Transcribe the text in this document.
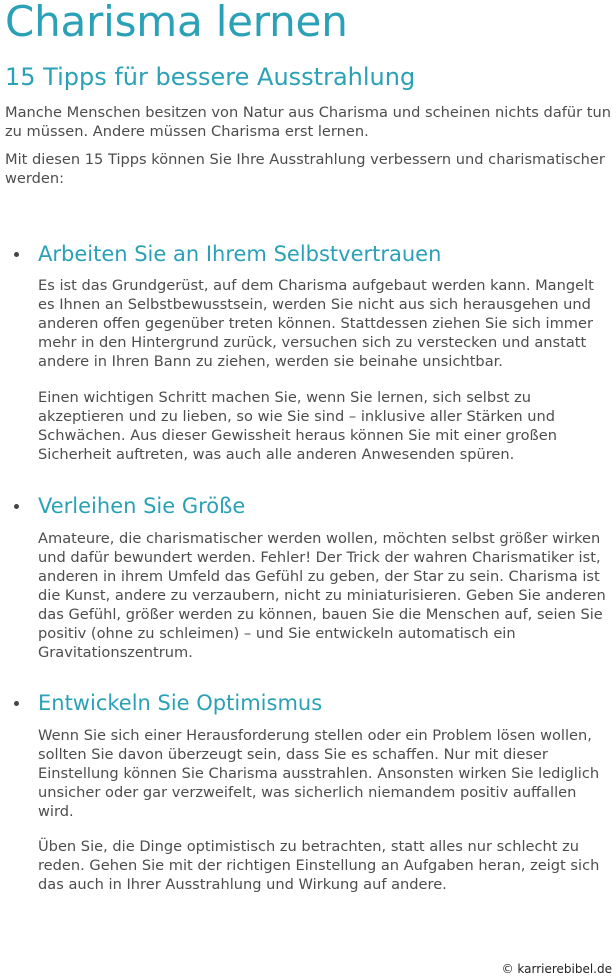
Charisma lernen
15 Tipps für bessere Ausstrahlung

Manche Menschen besitzen von Natur aus Charisma und scheinen nichts dafür tun zu müssen. Andere müssen Charisma erst lernen.

Mit diesen 15 Tipps können Sie Ihre Ausstrahlung verbessern und charismatischer werden:

Arbeiten Sie an Ihrem Selbstvertrauen

Es ist das Grundgerüst, auf dem Charisma aufgebaut werden kann. Mangelt es Ihnen an Selbstbewusstsein, werden Sie nicht aus sich herausgehen und anderen offen gegenüber treten können. Stattdessen ziehen Sie sich immer mehr in den Hintergrund zurück, versuchen sich zu verstecken und anstatt andere in Ihren Bann zu ziehen, werden sie beinahe unsichtbar.

Einen wichtigen Schritt machen Sie, wenn Sie lernen, sich selbst zu akzeptieren und zu lieben, so wie Sie sind – inklusive aller Stärken und Schwächen. Aus dieser Gewissheit heraus können Sie mit einer großen Sicherheit auftreten, was auch alle anderen Anwesenden spüren.

Verleihen Sie Größe

Amateure, die charismatischer werden wollen, möchten selbst größer wirken und dafür bewundert werden. Fehler! Der Trick der wahren Charismatiker ist, anderen in ihrem Umfeld das Gefühl zu geben, der Star zu sein. Charisma ist die Kunst, andere zu verzaubern, nicht zu miniaturisieren. Geben Sie anderen das Gefühl, größer werden zu können, bauen Sie die Menschen auf, seien Sie positiv (ohne zu schleimen) – und Sie entwickeln automatisch ein Gravitationszentrum.

Entwickeln Sie Optimismus

Wenn Sie sich einer Herausforderung stellen oder ein Problem lösen wollen, sollten Sie davon überzeugt sein, dass Sie es schaffen. Nur mit dieser Einstellung können Sie Charisma ausstrahlen. Ansonsten wirken Sie lediglich unsicher oder gar verzweifelt, was sicherlich niemandem positiv auffallen wird.

Üben Sie, die Dinge optimistisch zu betrachten, statt alles nur schlecht zu reden. Gehen Sie mit der richtigen Einstellung an Aufgaben heran, zeigt sich das auch in Ihrer Ausstrahlung und Wirkung auf andere.

© karrierebibel.de
